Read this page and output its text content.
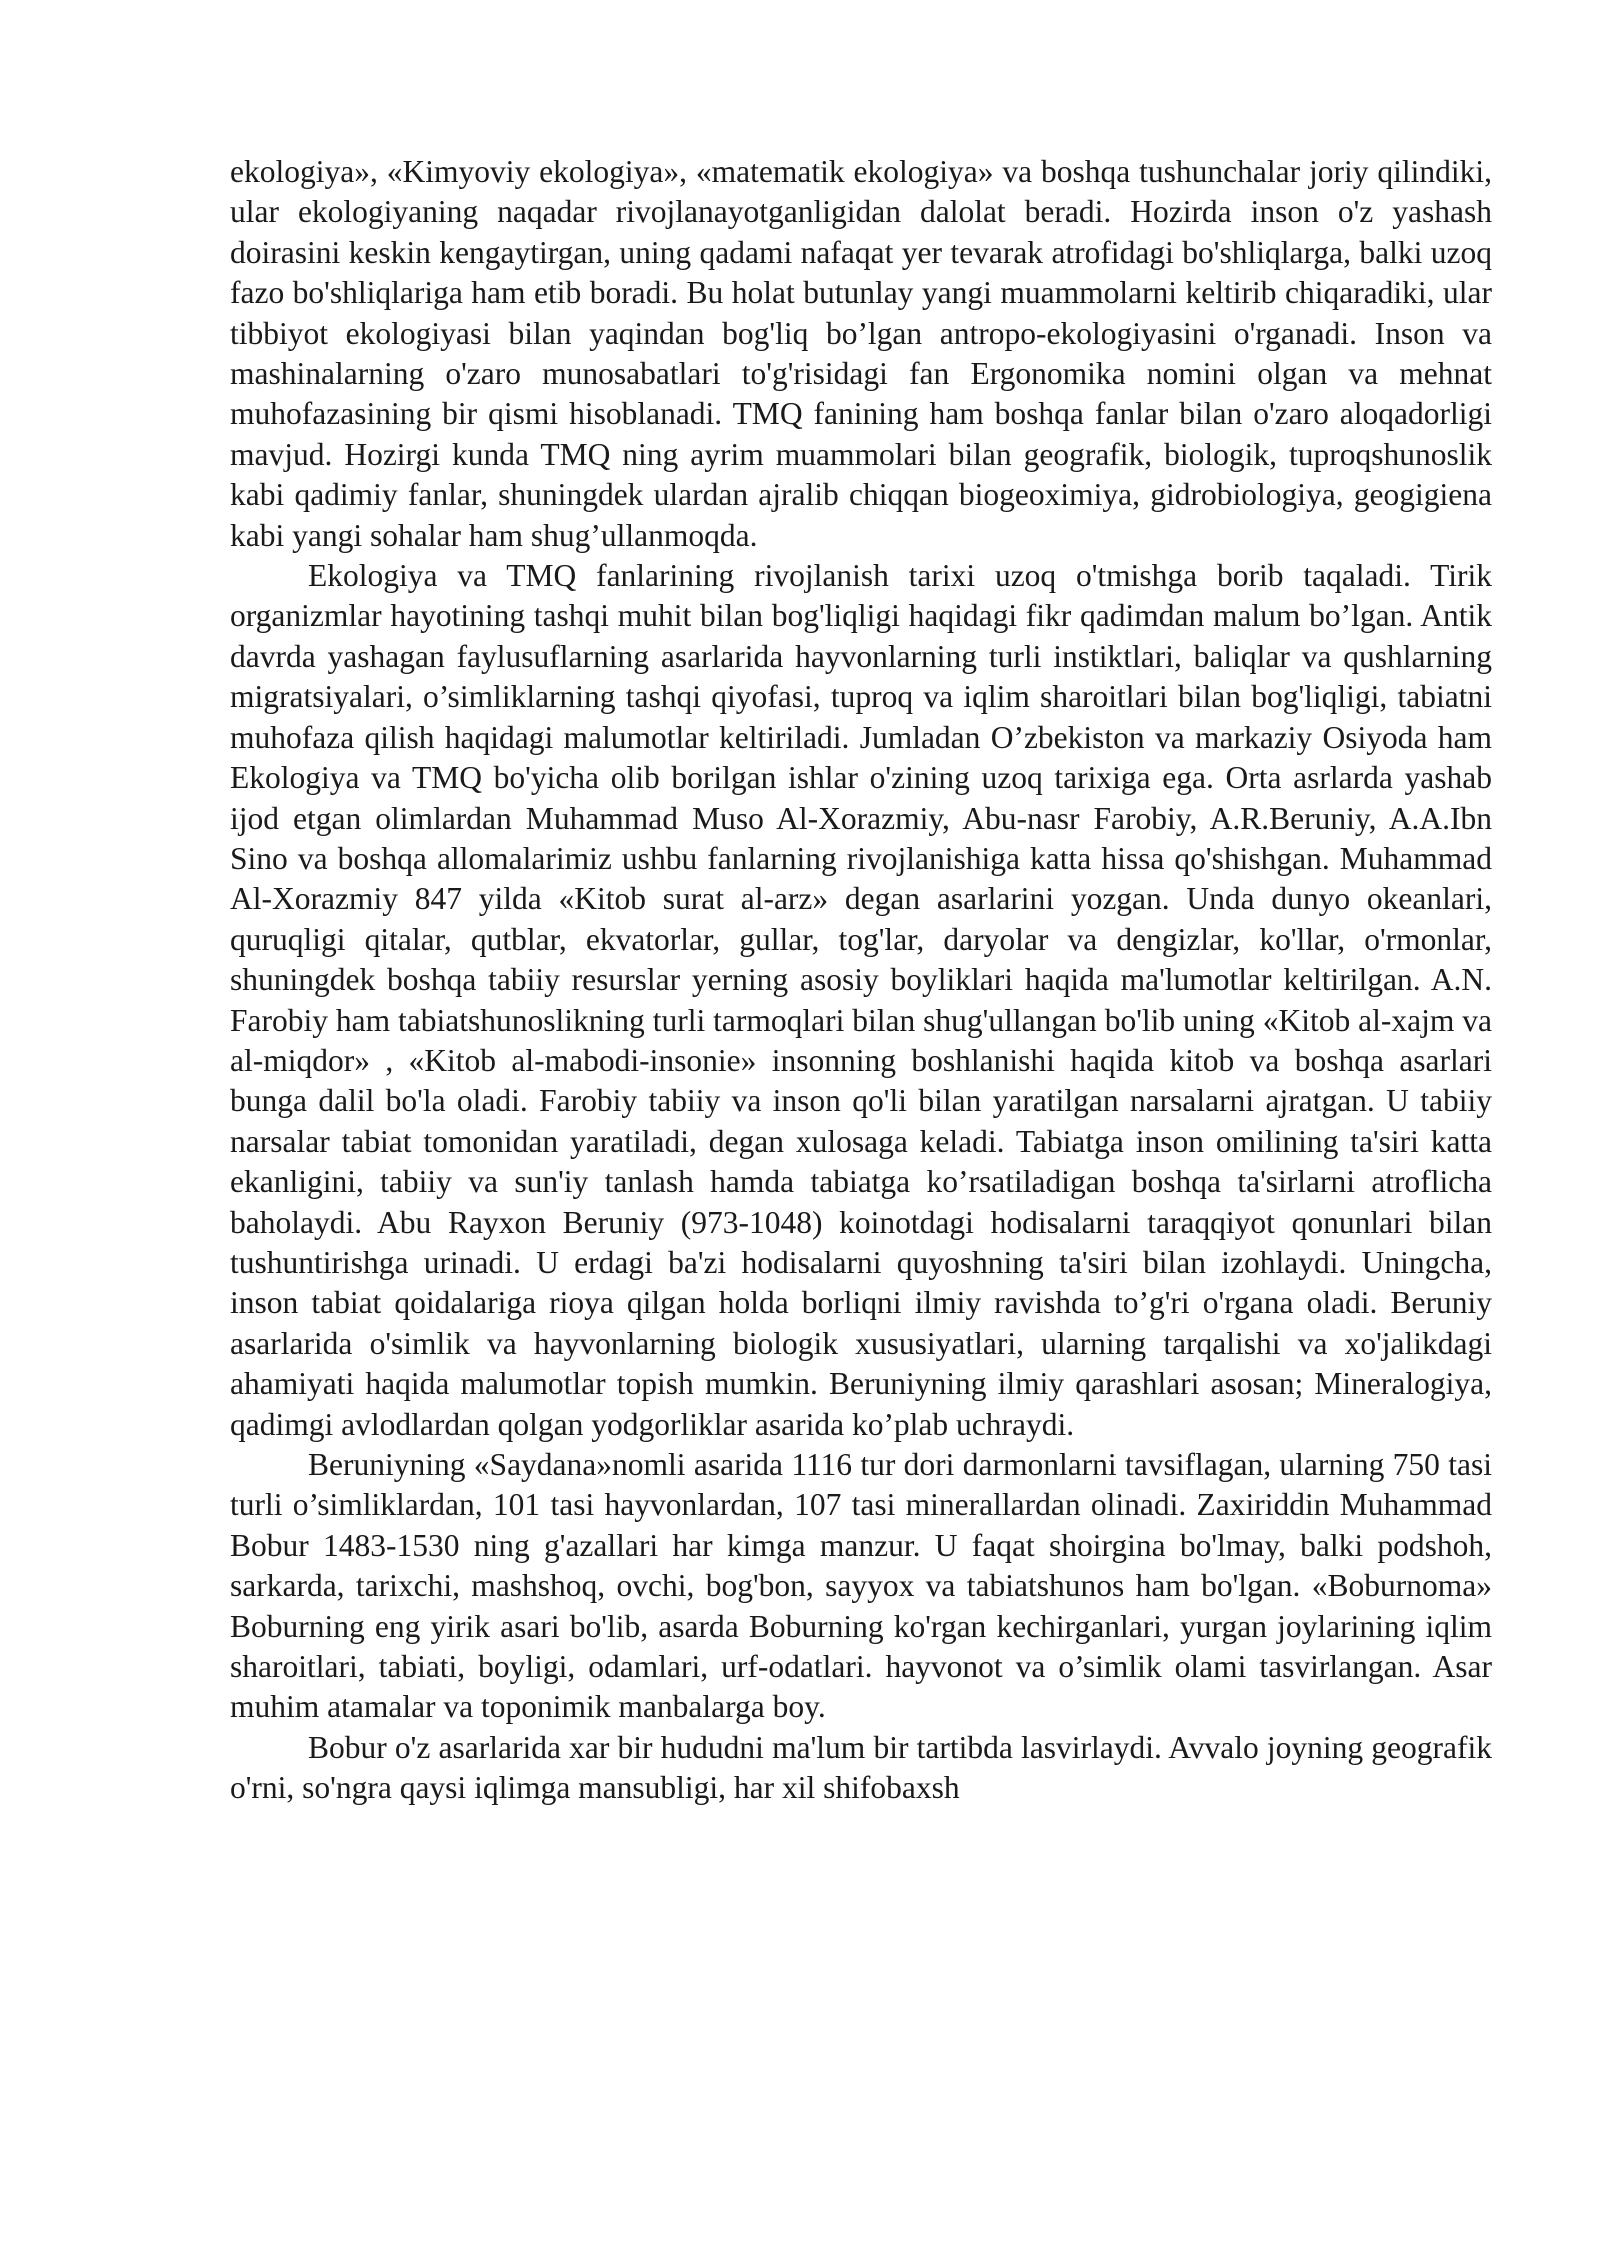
ekologiya», «Kimyoviy ekologiya», «matematik ekologiya» va boshqa tushunchalar joriy qilindiki, ular ekologiyaning naqadar rivojlanayotganligidan dalolat beradi. Hozirda inson o'z yashash doirasini keskin kengaytirgan, uning qadami nafaqat yer tevarak atrofidagi bo'shliqlarga, balki uzoq fazo bo'shliqlariga ham etib boradi. Bu holat butunlay yangi muammolarni keltirib chiqaradiki, ular tibbiyot ekologiyasi bilan yaqindan bog'liq bo’lgan antropo-ekologiyasini o'rganadi. Inson va mashinalarning o'zaro munosabatlari to'g'risidagi fan Ergonomika nomini olgan va mehnat muhofazasining bir qismi hisoblanadi. TMQ fanining ham boshqa fanlar bilan o'zaro aloqadorligi mavjud. Hozirgi kunda TMQ ning ayrim muammolari bilan geografik, biologik, tuproqshunoslik kabi qadimiy fanlar, shuningdek ulardan ajralib chiqqan biogeoximiya, gidrobiologiya, geogigiena kabi yangi sohalar ham shug’ullanmoqda.

Ekologiya va TMQ fanlarining rivojlanish tarixi uzoq o'tmishga borib taqaladi. Tirik organizmlar hayotining tashqi muhit bilan bog'liqligi haqidagi fikr qadimdan malum bo’lgan. Antik davrda yashagan faylusuflarning asarlarida hayvonlarning turli instiktlari, baliqlar va qushlarning migratsiyalari, o’simliklarning tashqi qiyofasi, tuproq va iqlim sharoitlari bilan bog'liqligi, tabiatni muhofaza qilish haqidagi malumotlar keltiriladi. Jumladan O’zbekiston va markaziy Osiyoda ham Ekologiya va TMQ bo'yicha olib borilgan ishlar o'zining uzoq tarixiga ega. Orta asrlarda yashab ijod etgan olimlardan Muhammad Muso Al-Xorazmiy, Abu-nasr Farobiy, A.R.Beruniy, A.A.Ibn Sino va boshqa allomalarimiz ushbu fanlarning rivojlanishiga katta hissa qo'shishgan. Muhammad Al-Xorazmiy 847 yilda «Kitob surat al-arz» degan asarlarini yozgan. Unda dunyo okeanlari, quruqligi qitalar, qutblar, ekvatorlar, gullar, tog'lar, daryolar va dengizlar, ko'llar, o'rmonlar, shuningdek boshqa tabiiy resurslar yerning asosiy boyliklari haqida ma'lumotlar keltirilgan. A.N. Farobiy ham tabiatshunoslikning turli tarmoqlari bilan shug'ullangan bo'lib uning «Kitob al-xajm va al-miqdor» , «Kitob al-mabodi-insonie» insonning boshlanishi haqida kitob va boshqa asarlari bunga dalil bo'la oladi. Farobiy tabiiy va inson qo'li bilan yaratilgan narsalarni ajratgan. U tabiiy narsalar tabiat tomonidan yaratiladi, degan xulosaga keladi. Tabiatga inson omilining ta'siri katta ekanligini, tabiiy va sun'iy tanlash hamda tabiatga ko’rsatiladigan boshqa ta'sirlarni atroflicha baholaydi. Abu Rayxon Beruniy (973-1048) koinotdagi hodisalarni taraqqiyot qonunlari bilan tushuntirishga urinadi. U erdagi ba'zi hodisalarni quyoshning ta'siri bilan izohlaydi. Uningcha, inson tabiat qoidalariga rioya qilgan holda borliqni ilmiy ravishda to’g'ri o'rgana oladi. Beruniy asarlarida o'simlik va hayvonlarning biologik xususiyatlari, ularning tarqalishi va xo'jalikdagi ahamiyati haqida malumotlar topish mumkin. Beruniyning ilmiy qarashlari asosan; Mineralogiya, qadimgi avlodlardan qolgan yodgorliklar asarida ko’plab uchraydi.

Beruniyning «Saydana»nomli asarida 1116 tur dori darmonlarni tavsiflagan, ularning 750 tasi turli o’simliklardan, 101 tasi hayvonlardan, 107 tasi minerallardan olinadi. Zaxiriddin Muhammad Bobur 1483-1530 ning g'azallari har kimga manzur. U faqat shoirgina bo'lmay, balki podshoh, sarkarda, tarixchi, mashshoq, ovchi, bog'bon, sayyox va tabiatshunos ham bo'lgan. «Boburnoma» Boburning eng yirik asari bo'lib, asarda Boburning ko'rgan kechirganlari, yurgan joylarining iqlim sharoitlari, tabiati, boyligi, odamlari, urf-odatlari. hayvonot va o’simlik olami tasvirlangan. Asar muhim atamalar va toponimik manbalarga boy.

Bobur o'z asarlarida xar bir hududni ma'lum bir tartibda lasvirlaydi. Avvalo joyning geografik o'rni, so'ngra qaysi iqlimga mansubligi, har xil shifobaxsh
